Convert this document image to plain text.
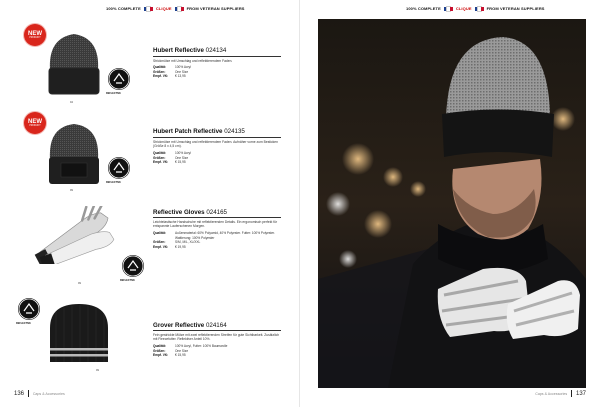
100% COMPLETE	CLIQUE	FROM VETERAN SUPPLIERS
NEW
PRODUKT
94
REFLECTIVE
Hubert Reflective 024134
Strickmütze mit Umschlag und reflektierendem Faden.
Qualität:	100% Acryl
Größen:	One Size
Empf. VK:	€ 13,95
NEW
PRODUKT
99
REFLECTIVE
Hubert Patch Reflective 024135
Strickmütze mit Umschlag und reflektierendem Faden. Aufnäher vorne zum Besticken (Größe 8 x 4,5 cm).
Qualität:	100% Acryl
Größen:	One Size
Empf. VK:	€ 15,95
99
REFLECTIVE
Reflective Gloves 024165
Leichtelastische Handschuhe mit reflektierenden Details. Ein ergonomisch perfekt für entspannte Lauferschenen Morgen.
Qualität:	Außenmaterial: 60% Polyamid, 40% Polyester. Futter: 100% Polyester. Wattierung: 100% Polyester
Größen:	S/M, M/L, XL/XXL
Empf. VK:	€ 19,95
REFLECTIVE
99
Grover Reflective 024164
Fein gestrickte Mütze mit zwei reflektierenden Streifen für gute Sichtbarkeit. Zusätzlich mit Fleecefutter. Reflektiver Anteil 10%.
Qualität:	100% Acryl, Futter: 100% Baumwolle
Größen:	One Size
Empf. VK:	€ 15,95
136 Caps & Accessories
100% COMPLETE	CLIQUE	FROM VETERAN SUPPLIERS
Caps & Accessories 137
